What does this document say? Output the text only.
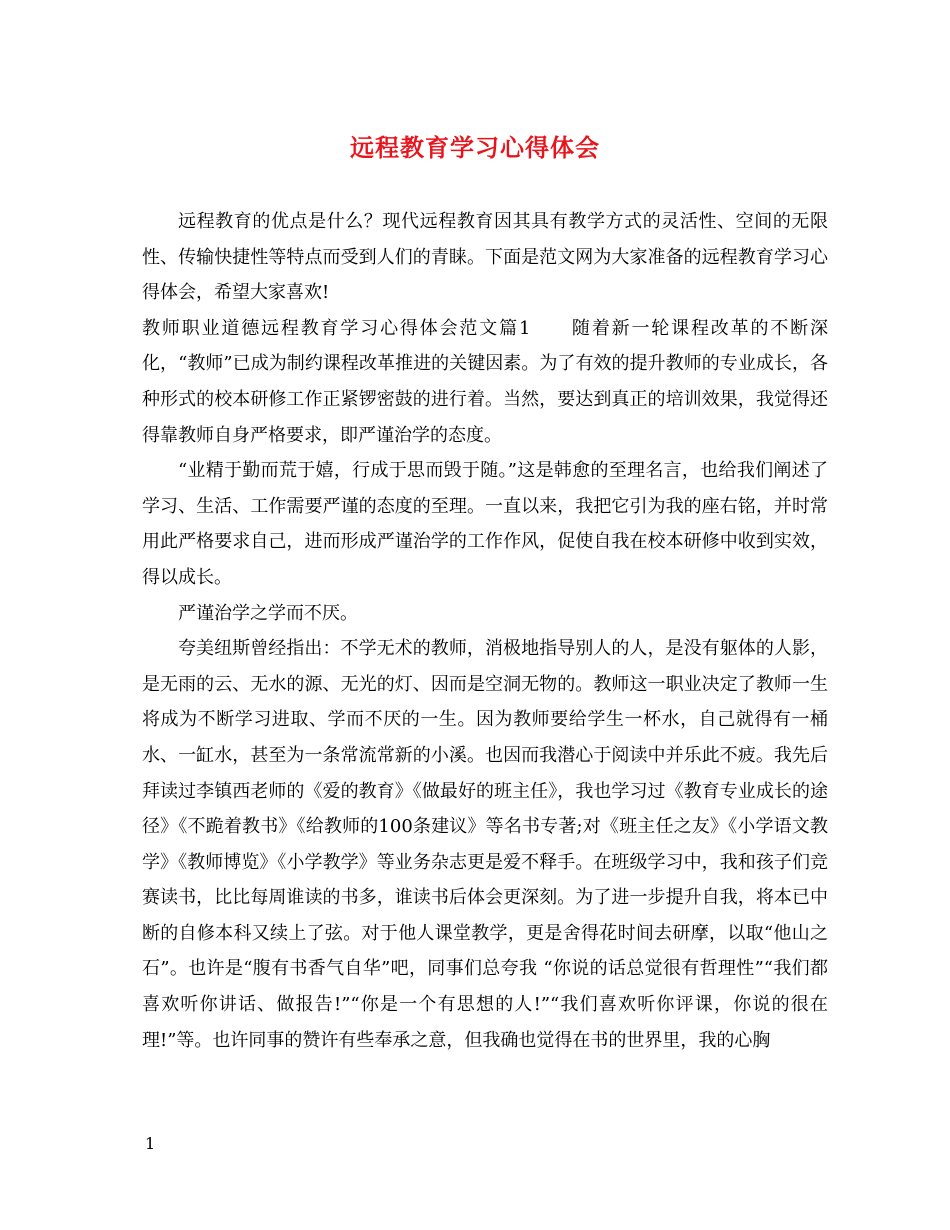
远程教育学习心得体会

远程教育的优点是什么？现代远程教育因其具有教学方式的灵活性、空间的无限性、传输快捷性等特点而受到人们的青睐。下面是范文网为大家准备的远程教育学习心得体会，希望大家喜欢!

教师职业道德远程教育学习心得体会范文篇1　　随着新一轮课程改革的不断深化，“教师”已成为制约课程改革推进的关键因素。为了有效的提升教师的专业成长，各种形式的校本研修工作正紧锣密鼓的进行着。当然，要达到真正的培训效果，我觉得还得靠教师自身严格要求，即严谨治学的态度。

“业精于勤而荒于嬉，行成于思而毁于随。”这是韩愈的至理名言，也给我们阐述了学习、生活、工作需要严谨的态度的至理。一直以来，我把它引为我的座右铭，并时常用此严格要求自己，进而形成严谨治学的工作作风，促使自我在校本研修中收到实效，得以成长。

严谨治学之学而不厌。

夸美纽斯曾经指出：不学无术的教师，消极地指导别人的人，是没有躯体的人影，是无雨的云、无水的源、无光的灯、因而是空洞无物的。教师这一职业决定了教师一生将成为不断学习进取、学而不厌的一生。因为教师要给学生一杯水，自己就得有一桶水、一缸水，甚至为一条常流常新的小溪。也因而我潜心于阅读中并乐此不疲。我先后拜读过李镇西老师的《爱的教育》《做最好的班主任》，我也学习过《教育专业成长的途径》《不跪着教书》《给教师的100条建议》等名书专著;对《班主任之友》《小学语文教学》《教师博览》《小学教学》等业务杂志更是爱不释手。在班级学习中，我和孩子们竞赛读书，比比每周谁读的书多，谁读书后体会更深刻。为了进一步提升自我，将本已中断的自修本科又续上了弦。对于他人课堂教学，更是舍得花时间去研摩，以取“他山之石”。也许是“腹有书香气自华”吧，同事们总夸我 “你说的话总觉很有哲理性”“我们都喜欢听你讲话、做报告!”“你是一个有思想的人!”“我们喜欢听你评课，你说的很在理!”等。也许同事的赞许有些奉承之意，但我确也觉得在书的世界里，我的心胸

1
